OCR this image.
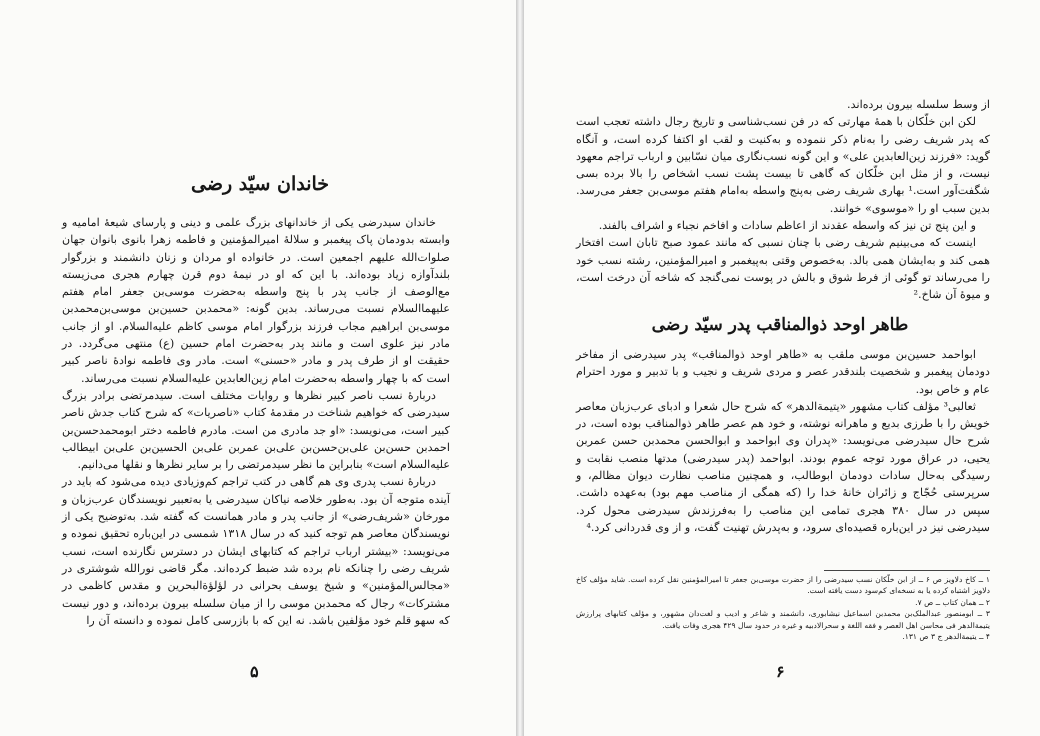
خاندان سیّد رضی

خاندان سیدرضی یکی از خاندانهای بزرگ علمی و دینی و پارسای شیعهٔ امامیه و وابسته بدودمان پاک پیغمبر و سلالهٔ امیرالمؤمنین و فاطمه زهرا بانوی بانوان جهان صلوات‌الله علیهم اجمعین است. در خانواده او مردان و زنان دانشمند و بزرگوار بلندآوازه زیاد بوده‌اند. با این که او در نیمهٔ دوم قرن چهارم هجری می‌زیسته مع‌الوصف از جانب پدر با پنج واسطه به‌حضرت موسی‌بن جعفر امام هفتم علیهما‌السلام نسبت می‌رساند. بدین گونه: «محمدبن حسین‌بن موسی‌بن‌محمدبن موسی‌بن ابراهیم مجاب فرزند بزرگوار امام موسی کاظم علیه‌السلام. او از جانب مادر نیز علوی است و مانند پدر به‌حضرت امام حسین (ع) منتهی می‌گردد. در حقیقت او از طرف پدر و مادر «حسنی» است. مادر وی فاطمه نوادهٔ ناصر کبیر است که با چهار واسطه به‌حضرت امام زین‌العابدین علیه‌السلام نسبت می‌رساند.

دربارهٔ نسب ناصر کبیر نظرها و روایات مختلف است. سیدمرتضی برادر بزرگ سیدرضی که خواهیم شناخت در مقدمهٔ کتاب «ناصریات» که شرح کتاب جدش ناصر کبیر است، می‌نویسد: «او جد مادری من است. مادرم فاطمه دختر ابومحمدحسن‌بن احمدبن حسن‌بن علی‌بن‌حسن‌بن علی‌بن عمربن علی‌بن الحسین‌بن علی‌بن ابیطالب علیه‌السلام است» بنابراین ما نظر سیدمرتضی را بر سایر نظرها و نقلها می‌دانیم.

دربارهٔ نسب پدری وی هم گاهی در کتب تراجم کم‌وزیادی دیده می‌شود که باید در آینده متوجه آن بود. به‌طور خلاصه نیاکان سیدرضی یا به‌تعبیر نویسندگان عرب‌زبان و مورخان «شریف‌رضی» از جانب پدر و مادر همانست که گفته شد. به‌توضیح یکی از نویسندگان معاصر هم توجه کنید که در سال ۱۳۱۸ شمسی در این‌باره تحقیق نموده و می‌نویسد: «بیشتر ارباب تراجم که کتابهای ایشان در دسترس نگارنده است، نسب شریف رضی را چنانکه نام برده شد ضبط کرده‌اند. مگر قاضی نورالله شوشتری در «مجالس‌المؤمنین» و شیخ یوسف بحرانی در لؤلؤةالبحرین و مقدس کاظمی در مشترکات» رجال که محمدبن موسی را از میان سلسله بیرون برده‌اند، و دور نیست که سهو قلم خود مؤلفین باشد. نه این که با بازرسی کامل نموده و دانسته آن را

۵

از وسط سلسله بیرون برده‌اند.

لکن ابن خلّکان با همهٔ مهارتی که در فن نسب‌شناسی و تاریخ رجال داشته تعجب است که پدر شریف رضی را به‌نام ذکر ننموده و به‌کنیت و لقب او اکتفا کرده است، و آنگاه گوید: «فرزند زین‌العابدین علی» و این گونه نسب‌نگاری میان نسّابین و ارباب تراجم معهود نیست، و از مثل ابن خلّکان که گاهی تا بیست پشت نسب اشخاص را بالا برده بسی شگفت‌آور است.¹ بهاری شریف رضی به‌پنج واسطه به‌امام هفتم موسی‌بن جعفر می‌رسد. بدین سبب او را «موسوی» خوانند.

و این پنج تن نیز که واسطه عقدند از اعاظم سادات و افاخم نجباء و اشراف بالفند.

اینست که می‌بینیم شریف رضی با چنان نسبی که مانند عمود صبح تابان است افتخار همی کند و به‌ایشان همی بالد. به‌خصوص وقتی به‌پیغمبر و امیرالمؤمنین، رشته نسب خود را می‌رساند تو گوئی از فرط شوق و بالش در پوست نمی‌گنجد که شاخه آن درخت است، و میوهٔ آن شاخ.²

طاهر اوحد ذوالمناقب پدر سیّد رضی

ابواحمد حسین‌بن موسی ملقب به «طاهر اوحد ذوالمناقب» پدر سیدرضی از مفاخر دودمان پیغمبر و شخصیت بلندقدر عصر و مردی شریف و نجیب و با تدبیر و مورد احترام عام و خاص بود.

ثعالبی³ مؤلف کتاب مشهور «یتیمة‌الدهر» که شرح حال شعرا و ادبای عرب‌زبان معاصر خویش را با طرزی بدیع و ماهرانه نوشته، و خود هم عصر طاهر ذوالمناقب بوده است، در شرح حال سیدرضی می‌نویسد: «پدران وی ابواحمد و ابوالحسن محمدبن حسن عمربن یحیی، در عراق مورد توجه عموم بودند. ابواحمد (پدر سیدرضی) مدتها منصب نقابت و رسیدگی به‌حال سادات دودمان ابوطالب، و همچنین مناصب نظارت دیوان مظالم، و سرپرستی حُجّاج و زائران خانهٔ خدا را (که همگی از مناصب مهم بود) به‌عهده داشت. سپس در سال ۳۸۰ هجری تمامی این مناصب را به‌فرزندش سیدرضی محول کرد. سیدرضی نیز در این‌باره قصیده‌ای سرود، و به‌پدرش تهنیت گفت، و از وی قدردانی کرد.⁴

۱ ــ کاخ دلاویز ص ۶ ــ از ابن خلّکان نسب سیدرضی را از حضرت موسی‌بن جعفر تا امیرالمؤمنین نقل کرده است. شاید مؤلف کاخ دلاویز اشتباه کرده یا به نسخه‌ای کم‌سود دست یافته است.

۲ ــ همان کتاب ــ ص ۷.

۳ ــ ابومنصور عبدالملک‌بن محمدبن اسماعیل نیشابوری، دانشمند و شاعر و ادیب و لغت‌دان مشهور، و مؤلف کتابهای پرارزش یتیمة‌الدهر فی محاسن اهل العصر و فقه اللغة و سحرالادبیه و غیره در حدود سال ۴۲۹ هجری وفات یافت.

۴ ــ یتیمة‌الدهر ج ۳ ص ۱۳۱.

۶
